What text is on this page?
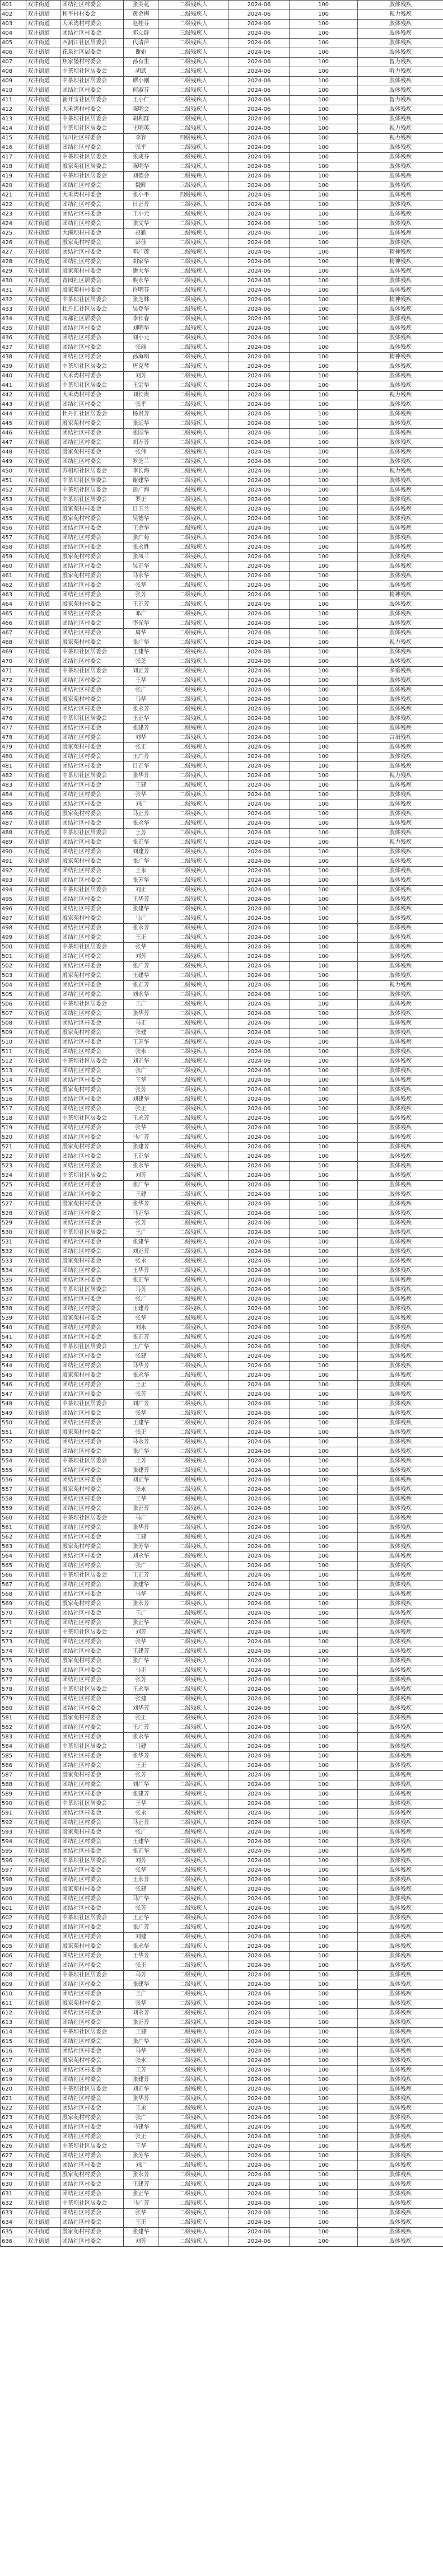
401	双井街道	团结社区村委会	张美花	二级残疾人	2024-06	100	肢体残疾
402	双井街道	和平村村委会	黄金梅	二级残疾人	2024-06	100	视力残疾
403	双井街道	大禾湾村村委会	赵桂芬	二级残疾人	2024-06	100	肢体残疾
404	双井街道	团结社区村委会	邓立群	三级残疾人	2024-06	100	肢体残疾
405	双井街道	西洞江社区居委会	代清萍	二级残疾人	2024-06	100	肢体残疾
406	双井街道	花泉社区居委会	谢娟	二级残疾人	2024-06	100	肢体残疾
407	双井街道	焦家堡村村委会	孙有生	二级残疾人	2024-06	100	智力残疾
408	双井街道	中茶坝社区居委会	胡武	二级残疾人	2024-06	100	听力残疾
409	双井街道	中茶坝社区居委会	谭小刚	二级残疾人	2024-06	100	肢体残疾
410	双井街道	团结社区村委会	何淑芬	二级残疾人	2024-06	100	肢体残疾
411	双井街道	新开宝社区居委会	王小仁	二级残疾人	2024-06	100	智力残疾
412	双井街道	大禾湾村村委会	陈明会	二级残疾人	2024-06	100	肢体残疾
413	双井街道	中茶坝社区居委会	胡利群	二级残疾人	2024-06	100	肢体残疾
414	双井街道	中茶坝社区居委会	王明英	二级残疾人	2024-06	100	视力残疾
415	双井街道	汉川社区村委会	李容	四级残疾人	2024-06	100	视力残疾
416	双井街道	团结社区村委会	张平	二级残疾人	2024-06	100	肢体残疾
417	双井街道	中茶坝社区居委会	张成芬	二级残疾人	2024-06	100	肢体残疾
418	双井街道	殷家苑社区居委会	陈明华	二级残疾人	2024-06	100	肢体残疾
419	双井街道	中茶坝社区居委会	刘德会	二级残疾人	2024-06	100	肢体残疾
420	双井街道	团结社区村委会	魏辉	三级残疾人	2024-06	100	肢体残疾
421	双井街道	大禾湾村村委会	张小平	四级残疾人	2024-06	100	肢体残疾
422	双井街道	团结社区村委会	日正芳	二级残疾人	2024-06	100	肢体残疾
423	双井街道	团结社区村委会	王小元	二级残疾人	2024-06	100	肢体残疾
424	双井街道	团结社区村委会	张文华	二级残疾人	2024-06	100	肢体残疾
425	双井街道	大溪坝村村委会	赵勤	二级残疾人	2024-06	100	肢体残疾
426	双井街道	殷家苑村村委会	彭佳	二级残疾人	2024-06	100	肢体残疾
427	双井街道	团结社区村委会	邓广莲	二级残疾人	2024-06	100	精神残疾
428	双井街道	团结社区村委会	胡家华	二级残疾人	2024-06	100	精神残疾
429	双井街道	殷家苑村村委会	潘大华	二级残疾人	2024-06	100	肢体残疾
430	双井街道	青园社区居委会	熊永华	二级残疾人	2024-06	100	肢体残疾
431	双井街道	殷家苑村村委会	许明芬	二级残疾人	2024-06	100	肢体残疾
432	双井街道	中茶坝社区居委会	张芝林	二级残疾人	2024-06	100	精神残疾
433	双井街道	牡丹汇社区居委会	吴登华	二级残疾人	2024-06	100	肢体残疾
434	双井街道	园都社区居委会	李长春	二级残疾人	2024-06	100	肢体残疾
435	双井街道	团结社区村委会	刘明华	二级残疾人	2024-06	100	肢体残疾
436	双井街道	团结社区村委会	刘小元	二级残疾人	2024-06	100	肢体残疾
437	双井街道	团结社区村委会	张丽	二级残疾人	2024-06	100	肢体残疾
438	双井街道	团结社区村委会	孙海明	二级残疾人	2024-06	100	精神残疾
439	双井街道	中茶坝社区居委会	唐克琴	二级残疾人	2024-06	100	肢体残疾
440	双井街道	大禾湾村村委会	刘芳	二级残疾人	2024-06	100	肢体残疾
441	双井街道	中茶坝社区居委会	王定华	二级残疾人	2024-06	100	肢体残疾
442	双井街道	大禾湾村村委会	刘长贵	二级残疾人	2024-06	100	视力残疾
443	双井街道	团结社区村委会	张平	二级残疾人	2024-06	100	肢体残疾
444	双井街道	牡丹汇社区居委会	杨贵芳	二级残疾人	2024-06	100	肢体残疾
445	双井街道	殷家苑村村委会	张远华	二级残疾人	2024-06	100	肢体残疾
446	双井街道	团结社区村委会	张国华	二级残疾人	2024-06	100	肢体残疾
447	双井街道	团结社区村委会	胡万芳	二级残疾人	2024-06	100	肢体残疾
448	双井街道	殷家苑村村委会	张伟	二级残疾人	2024-06	100	肢体残疾
449	双井街道	团结社区村委会	罗芝兰	二级残疾人	2024-06	100	肢体残疾
450	双井街道	苏相坝社区居委会	李长海	二级残疾人	2024-06	100	视力残疾
451	双井街道	中茶坝社区居委会	谢建华	二级残疾人	2024-06	100	肢体残疾
452	双井街道	中茶坝社区居委会	彭广海	二级残疾人	2024-06	100	肢体残疾
453	双井街道	中茶坝社区居委会	罗正	二级残疾人	2024-06	100	肢体残疾
454	双井街道	殷家苑村村委会	日玉兰	二级残疾人	2024-06	100	肢体残疾
455	双井街道	殷家苑村村委会	吴德华	二级残疾人	2024-06	100	肢体残疾
456	双井街道	团结社区村委会	王金华	二级残疾人	2024-06	100	肢体残疾
457	双井街道	团结社区村委会	张广菊	二级残疾人	2024-06	100	肢体残疾
458	双井街道	团结社区村委会	张永胜	二级残疾人	2024-06	100	肢体残疾
459	双井街道	殷家苑村村委会	张凤兰	二级残疾人	2024-06	100	肢体残疾
460	双井街道	团结社区村委会	吴正华	二级残疾人	2024-06	100	肢体残疾
461	双井街道	殷家苑村村委会	马永华	二级残疾人	2024-06	100	肢体残疾
462	双井街道	团结社区村委会	张华	二级残疾人	2024-06	100	肢体残疾
463	双井街道	团结社区村委会	张芳	二级残疾人	2024-06	100	精神残疾
464	双井街道	殷家苑村村委会	王正芳	二级残疾人	2024-06	100	肢体残疾
465	双井街道	团结社区村委会	邓广	二级残疾人	2024-06	100	肢体残疾
466	双井街道	团结社区村委会	李光华	二级残疾人	2024-06	100	肢体残疾
467	双井街道	团结社区村委会	周华	二级残疾人	2024-06	100	肢体残疾
468	双井街道	殷家苑村村委会	张广华	二级残疾人	2024-06	100	视力残疾
469	双井街道	中茶坝社区居委会	王建华	二级残疾人	2024-06	100	肢体残疾
470	双井街道	团结社区村委会	张芝	二级残疾人	2024-06	100	肢体残疾
471	双井街道	中茶坝社区居委会	刘正芳	二级残疾人	2024-06	100	多重残疾
472	双井街道	团结社区村委会	王华	二级残疾人	2024-06	100	肢体残疾
473	双井街道	团结社区村委会	张广	二级残疾人	2024-06	100	肢体残疾
474	双井街道	殷家苑村村委会	马华	二级残疾人	2024-06	100	肢体残疾
475	双井街道	团结社区村委会	张永芳	二级残疾人	2024-06	100	肢体残疾
476	双井街道	中茶坝社区居委会	王正华	二级残疾人	2024-06	100	肢体残疾
477	双井街道	团结社区村委会	张建芳	二级残疾人	2024-06	100	肢体残疾
478	双井街道	团结社区村委会	刘华	二级残疾人	2024-06	100	言语残疾
479	双井街道	殷家苑村村委会	张正	二级残疾人	2024-06	100	肢体残疾
480	双井街道	团结社区村委会	王广芳	二级残疾人	2024-06	100	肢体残疾
481	双井街道	团结社区村委会	日正华	二级残疾人	2024-06	100	肢体残疾
482	双井街道	中茶坝社区居委会	张华芳	二级残疾人	2024-06	100	视力残疾
483	双井街道	团结社区村委会	王建	二级残疾人	2024-06	100	肢体残疾
484	双井街道	团结社区村委会	张华	二级残疾人	2024-06	100	肢体残疾
485	双井街道	团结社区村委会	刘广	二级残疾人	2024-06	100	肢体残疾
486	双井街道	殷家苑村村委会	马正芳	二级残疾人	2024-06	100	肢体残疾
487	双井街道	团结社区村委会	张永华	二级残疾人	2024-06	100	肢体残疾
488	双井街道	中茶坝社区居委会	王芳	二级残疾人	2024-06	100	肢体残疾
489	双井街道	团结社区村委会	张正华	二级残疾人	2024-06	100	视力残疾
490	双井街道	团结社区村委会	刘建芳	二级残疾人	2024-06	100	肢体残疾
491	双井街道	殷家苑村村委会	张广华	二级残疾人	2024-06	100	肢体残疾
492	双井街道	团结社区村委会	王永	二级残疾人	2024-06	100	肢体残疾
493	双井街道	团结社区村委会	张芳华	二级残疾人	2024-06	100	肢体残疾
494	双井街道	中茶坝社区居委会	刘正	二级残疾人	2024-06	100	肢体残疾
495	双井街道	团结社区村委会	王华芳	二级残疾人	2024-06	100	肢体残疾
496	双井街道	团结社区村委会	张建华	二级残疾人	2024-06	100	肢体残疾
497	双井街道	殷家苑村村委会	马广	二级残疾人	2024-06	100	肢体残疾
498	双井街道	团结社区村委会	张永芳	二级残疾人	2024-06	100	肢体残疾
499	双井街道	团结社区村委会	王正	二级残疾人	2024-06	100	肢体残疾
500	双井街道	中茶坝社区居委会	张华	二级残疾人	2024-06	100	肢体残疾
501	双井街道	团结社区村委会	刘芳	二级残疾人	2024-06	100	肢体残疾
502	双井街道	团结社区村委会	张广芳	二级残疾人	2024-06	100	肢体残疾
503	双井街道	殷家苑村村委会	王建华	二级残疾人	2024-06	100	肢体残疾
504	双井街道	团结社区村委会	张正芳	二级残疾人	2024-06	100	视力残疾
505	双井街道	团结社区村委会	刘永华	二级残疾人	2024-06	100	肢体残疾
506	双井街道	中茶坝社区居委会	王广	二级残疾人	2024-06	100	肢体残疾
507	双井街道	团结社区村委会	张华芳	二级残疾人	2024-06	100	肢体残疾
508	双井街道	团结社区村委会	马正	二级残疾人	2024-06	100	肢体残疾
509	双井街道	殷家苑村村委会	张建	二级残疾人	2024-06	100	肢体残疾
510	双井街道	团结社区村委会	王芳华	二级残疾人	2024-06	100	肢体残疾
511	双井街道	团结社区村委会	张永	二级残疾人	2024-06	100	肢体残疾
512	双井街道	中茶坝社区居委会	刘正华	二级残疾人	2024-06	100	肢体残疾
513	双井街道	团结社区村委会	张广	二级残疾人	2024-06	100	肢体残疾
514	双井街道	团结社区村委会	王华	二级残疾人	2024-06	100	肢体残疾
515	双井街道	殷家苑村村委会	张芳	二级残疾人	2024-06	100	肢体残疾
516	双井街道	团结社区村委会	刘建华	二级残疾人	2024-06	100	肢体残疾
517	双井街道	团结社区村委会	张正	二级残疾人	2024-06	100	肢体残疾
518	双井街道	中茶坝社区居委会	王永芳	二级残疾人	2024-06	100	肢体残疾
519	双井街道	团结社区村委会	张华	二级残疾人	2024-06	100	肢体残疾
520	双井街道	团结社区村委会	马广芳	二级残疾人	2024-06	100	肢体残疾
521	双井街道	殷家苑村村委会	张建芳	二级残疾人	2024-06	100	肢体残疾
522	双井街道	团结社区村委会	王正华	二级残疾人	2024-06	100	肢体残疾
523	双井街道	团结社区村委会	张永华	二级残疾人	2024-06	100	肢体残疾
524	双井街道	中茶坝社区居委会	刘芳	二级残疾人	2024-06	100	肢体残疾
525	双井街道	团结社区村委会	张广华	二级残疾人	2024-06	100	肢体残疾
526	双井街道	团结社区村委会	王建	二级残疾人	2024-06	100	肢体残疾
527	双井街道	殷家苑村村委会	张华芳	二级残疾人	2024-06	100	肢体残疾
528	双井街道	团结社区村委会	马正华	二级残疾人	2024-06	100	肢体残疾
529	双井街道	团结社区村委会	张芳	二级残疾人	2024-06	100	肢体残疾
530	双井街道	中茶坝社区居委会	王广	二级残疾人	2024-06	100	肢体残疾
531	双井街道	团结社区村委会	张建华	二级残疾人	2024-06	100	肢体残疾
532	双井街道	团结社区村委会	刘正芳	二级残疾人	2024-06	100	肢体残疾
533	双井街道	殷家苑村村委会	张永	二级残疾人	2024-06	100	肢体残疾
534	双井街道	团结社区村委会	王华芳	二级残疾人	2024-06	100	肢体残疾
535	双井街道	团结社区村委会	张正华	二级残疾人	2024-06	100	肢体残疾
536	双井街道	中茶坝社区居委会	马芳	二级残疾人	2024-06	100	肢体残疾
537	双井街道	团结社区村委会	张广	二级残疾人	2024-06	100	肢体残疾
538	双井街道	团结社区村委会	王建芳	二级残疾人	2024-06	100	肢体残疾
539	双井街道	殷家苑村村委会	张华	二级残疾人	2024-06	100	肢体残疾
540	双井街道	团结社区村委会	刘永	二级残疾人	2024-06	100	肢体残疾
541	双井街道	团结社区村委会	张正芳	二级残疾人	2024-06	100	肢体残疾
542	双井街道	中茶坝社区居委会	王广华	二级残疾人	2024-06	100	肢体残疾
543	双井街道	团结社区村委会	张建	二级残疾人	2024-06	100	肢体残疾
544	双井街道	团结社区村委会	马华芳	二级残疾人	2024-06	100	肢体残疾
545	双井街道	殷家苑村村委会	张永华	二级残疾人	2024-06	100	肢体残疾
546	双井街道	团结社区村委会	王正	二级残疾人	2024-06	100	肢体残疾
547	双井街道	团结社区村委会	张芳	二级残疾人	2024-06	100	肢体残疾
548	双井街道	中茶坝社区居委会	刘广芳	二级残疾人	2024-06	100	肢体残疾
549	双井街道	团结社区村委会	张华	二级残疾人	2024-06	100	肢体残疾
550	双井街道	团结社区村委会	王建华	二级残疾人	2024-06	100	肢体残疾
551	双井街道	殷家苑村村委会	张正	二级残疾人	2024-06	100	肢体残疾
552	双井街道	团结社区村委会	马永芳	二级残疾人	2024-06	100	肢体残疾
553	双井街道	团结社区村委会	张广华	二级残疾人	2024-06	100	肢体残疾
554	双井街道	中茶坝社区居委会	王芳	二级残疾人	2024-06	100	肢体残疾
555	双井街道	团结社区村委会	张建芳	二级残疾人	2024-06	100	肢体残疾
556	双井街道	团结社区村委会	刘正华	二级残疾人	2024-06	100	肢体残疾
557	双井街道	殷家苑村村委会	张永	二级残疾人	2024-06	100	肢体残疾
558	双井街道	团结社区村委会	王华	二级残疾人	2024-06	100	肢体残疾
559	双井街道	团结社区村委会	张正芳	二级残疾人	2024-06	100	肢体残疾
560	双井街道	中茶坝社区居委会	马广	二级残疾人	2024-06	100	肢体残疾
561	双井街道	团结社区村委会	张华芳	二级残疾人	2024-06	100	肢体残疾
562	双井街道	团结社区村委会	王建	二级残疾人	2024-06	100	肢体残疾
563	双井街道	殷家苑村村委会	张芳华	二级残疾人	2024-06	100	肢体残疾
564	双井街道	团结社区村委会	刘永华	二级残疾人	2024-06	100	肢体残疾
565	双井街道	团结社区村委会	张广	二级残疾人	2024-06	100	肢体残疾
566	双井街道	中茶坝社区居委会	王正芳	二级残疾人	2024-06	100	肢体残疾
567	双井街道	团结社区村委会	张建华	二级残疾人	2024-06	100	肢体残疾
568	双井街道	团结社区村委会	马华	二级残疾人	2024-06	100	肢体残疾
569	双井街道	殷家苑村村委会	张永芳	二级残疾人	2024-06	100	肢体残疾
570	双井街道	团结社区村委会	王广	二级残疾人	2024-06	100	肢体残疾
571	双井街道	团结社区村委会	张正华	二级残疾人	2024-06	100	肢体残疾
572	双井街道	中茶坝社区居委会	刘芳	二级残疾人	2024-06	100	肢体残疾
573	双井街道	团结社区村委会	张华	二级残疾人	2024-06	100	肢体残疾
574	双井街道	团结社区村委会	王建芳	二级残疾人	2024-06	100	肢体残疾
575	双井街道	殷家苑村村委会	张广华	二级残疾人	2024-06	100	肢体残疾
576	双井街道	团结社区村委会	马正	二级残疾人	2024-06	100	肢体残疾
577	双井街道	团结社区村委会	张芳	二级残疾人	2024-06	100	肢体残疾
578	双井街道	中茶坝社区居委会	王永华	二级残疾人	2024-06	100	肢体残疾
579	双井街道	团结社区村委会	张建	二级残疾人	2024-06	100	肢体残疾
580	双井街道	团结社区村委会	刘华芳	二级残疾人	2024-06	100	肢体残疾
581	双井街道	殷家苑村村委会	张正	二级残疾人	2024-06	100	肢体残疾
582	双井街道	团结社区村委会	王广芳	二级残疾人	2024-06	100	肢体残疾
583	双井街道	团结社区村委会	张永华	二级残疾人	2024-06	100	肢体残疾
584	双井街道	中茶坝社区居委会	马建	二级残疾人	2024-06	100	肢体残疾
585	双井街道	团结社区村委会	张华芳	二级残疾人	2024-06	100	肢体残疾
586	双井街道	团结社区村委会	王正	二级残疾人	2024-06	100	肢体残疾
587	双井街道	殷家苑村村委会	张芳	二级残疾人	2024-06	100	肢体残疾
588	双井街道	团结社区村委会	刘广华	二级残疾人	2024-06	100	肢体残疾
589	双井街道	团结社区村委会	张建芳	二级残疾人	2024-06	100	肢体残疾
590	双井街道	中茶坝社区居委会	王华	二级残疾人	2024-06	100	肢体残疾
591	双井街道	团结社区村委会	张永	二级残疾人	2024-06	100	肢体残疾
592	双井街道	团结社区村委会	马正芳	二级残疾人	2024-06	100	肢体残疾
593	双井街道	殷家苑村村委会	张广	二级残疾人	2024-06	100	肢体残疾
594	双井街道	团结社区村委会	王建华	二级残疾人	2024-06	100	肢体残疾
595	双井街道	团结社区村委会	张正华	二级残疾人	2024-06	100	肢体残疾
596	双井街道	中茶坝社区居委会	刘芳	二级残疾人	2024-06	100	肢体残疾
597	双井街道	团结社区村委会	张华	二级残疾人	2024-06	100	肢体残疾
598	双井街道	团结社区村委会	王永芳	二级残疾人	2024-06	100	肢体残疾
599	双井街道	殷家苑村村委会	张建	二级残疾人	2024-06	100	肢体残疾
600	双井街道	团结社区村委会	马广华	二级残疾人	2024-06	100	肢体残疾
601	双井街道	团结社区村委会	张芳	二级残疾人	2024-06	100	肢体残疾
602	双井街道	中茶坝社区居委会	王正华	二级残疾人	2024-06	100	肢体残疾
603	双井街道	团结社区村委会	张广芳	二级残疾人	2024-06	100	肢体残疾
604	双井街道	团结社区村委会	刘建	二级残疾人	2024-06	100	肢体残疾
605	双井街道	殷家苑村村委会	张永华	二级残疾人	2024-06	100	肢体残疾
606	双井街道	团结社区村委会	王华芳	二级残疾人	2024-06	100	肢体残疾
607	双井街道	团结社区村委会	张正	二级残疾人	2024-06	100	肢体残疾
608	双井街道	中茶坝社区居委会	马芳	二级残疾人	2024-06	100	肢体残疾
609	双井街道	团结社区村委会	张建华	二级残疾人	2024-06	100	肢体残疾
610	双井街道	团结社区村委会	王广	二级残疾人	2024-06	100	肢体残疾
611	双井街道	殷家苑村村委会	张华	二级残疾人	2024-06	100	肢体残疾
612	双井街道	团结社区村委会	刘永芳	二级残疾人	2024-06	100	肢体残疾
613	双井街道	团结社区村委会	张正芳	二级残疾人	2024-06	100	肢体残疾
614	双井街道	中茶坝社区居委会	王建	二级残疾人	2024-06	100	肢体残疾
615	双井街道	团结社区村委会	张广华	二级残疾人	2024-06	100	肢体残疾
616	双井街道	团结社区村委会	马华	二级残疾人	2024-06	100	肢体残疾
617	双井街道	殷家苑村村委会	张永	二级残疾人	2024-06	100	肢体残疾
618	双井街道	团结社区村委会	王芳	二级残疾人	2024-06	100	肢体残疾
619	双井街道	团结社区村委会	张建芳	二级残疾人	2024-06	100	肢体残疾
620	双井街道	中茶坝社区居委会	刘正华	二级残疾人	2024-06	100	肢体残疾
621	双井街道	团结社区村委会	张华芳	二级残疾人	2024-06	100	肢体残疾
622	双井街道	团结社区村委会	王永	二级残疾人	2024-06	100	肢体残疾
623	双井街道	殷家苑村村委会	张广	二级残疾人	2024-06	100	肢体残疾
624	双井街道	团结社区村委会	马建华	二级残疾人	2024-06	100	肢体残疾
625	双井街道	团结社区村委会	张正	二级残疾人	2024-06	100	肢体残疾
626	双井街道	中茶坝社区居委会	王华	二级残疾人	2024-06	100	肢体残疾
627	双井街道	团结社区村委会	张芳华	二级残疾人	2024-06	100	肢体残疾
628	双井街道	团结社区村委会	刘广	二级残疾人	2024-06	100	肢体残疾
629	双井街道	殷家苑村村委会	张永芳	二级残疾人	2024-06	100	肢体残疾
630	双井街道	团结社区村委会	王建芳	二级残疾人	2024-06	100	肢体残疾
631	双井街道	团结社区村委会	张正华	二级残疾人	2024-06	100	肢体残疾
632	双井街道	中茶坝社区居委会	马广芳	二级残疾人	2024-06	100	肢体残疾
633	双井街道	团结社区村委会	张华	二级残疾人	2024-06	100	肢体残疾
634	双井街道	团结社区村委会	王正	二级残疾人	2024-06	100	肢体残疾
635	双井街道	殷家苑村村委会	张建华	二级残疾人	2024-06	100	肢体残疾
636	双井街道	团结社区村委会	刘芳	二级残疾人	2024-06	100	肢体残疾
